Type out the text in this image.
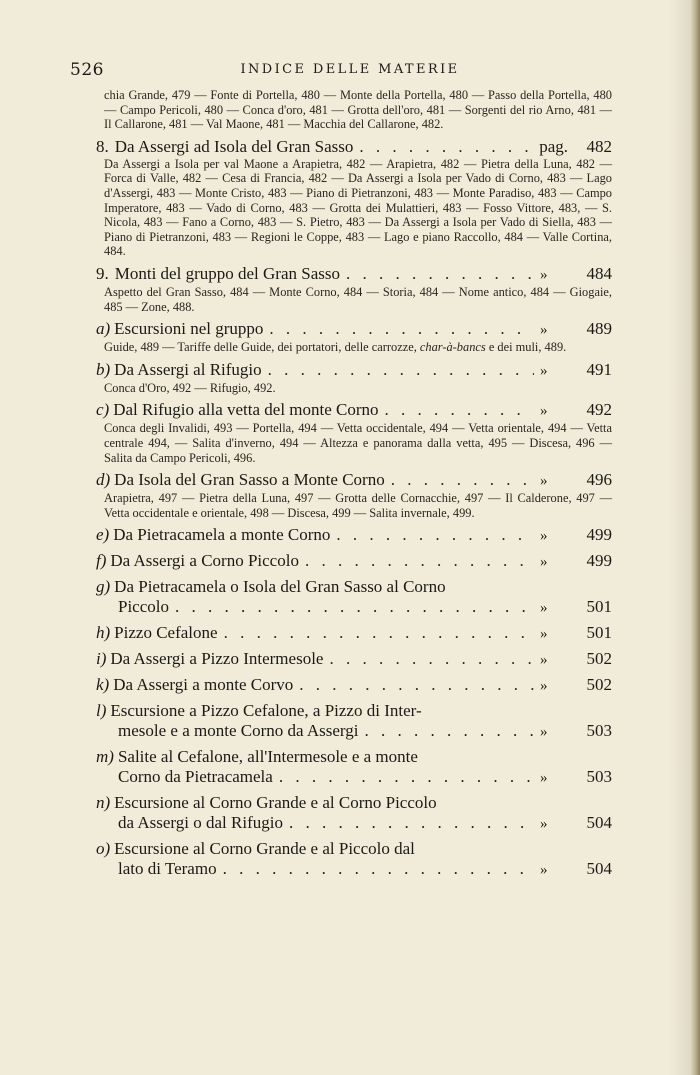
526	INDICE DELLE MATERIE

chia Grande, 479 — Fonte di Portella, 480 — Monte della Portella, 480 — Passo della Portella, 480 — Campo Pericoli, 480 — Conca d'oro, 481 — Grotta dell'oro, 481 — Sorgenti del rio Arno, 481 — Il Callarone, 481 — Val Maone, 481 — Macchia del Callarone, 482.

8. Da Assergi ad Isola del Gran Sasso . . .	pag.	482

Da Assergi a Isola per val Maone a Arapietra, 482 — Arapietra, 482 — Pietra della Luna, 482 — Forca di Valle, 482 — Cesa di Francia, 482 — Da Assergi a Isola per Vado di Corno, 483 — Lago d'Assergi, 483 — Monte Cristo, 483 — Piano di Pietranzoni, 483 — Monte Paradiso, 483 — Campo Imperatore, 483 — Vado di Corno, 483 — Grotta dei Mulattieri, 483 — Fosso Vittore, 483, — S. Nicola, 483 — Fano a Corno, 483 — S. Pietro, 483 — Da Assergi a Isola per Vado di Siella, 483 — Piano di Pietranzoni, 483 — Regioni le Coppe, 483 — Lago e piano Raccollo, 484 — Valle Cortina, 484.

9. Monti del gruppo del Gran Sasso . . .	»	484

Aspetto del Gran Sasso, 484 — Monte Corno, 484 — Storia, 484 — Nome antico, 484 — Giogaie, 485 — Zone, 488.

a) Escursioni nel gruppo . . .	»	489

Guide, 489 — Tariffe delle Guide, dei portatori, delle carrozze, char-à-bancs e dei muli, 489.

b) Da Assergi al Rifugio . . .	»	491

Conca d'Oro, 492 — Rifugio, 492.

c) Dal Rifugio alla vetta del monte Corno . . .	»	492

Conca degli Invalidi, 493 — Portella, 494 — Vetta occidentale, 494 — Vetta orientale, 494 — Vetta centrale 494, — Salita d'inverno, 494 — Altezza e panorama dalla vetta, 495 — Discesa, 496 — Salita da Campo Pericoli, 496.

d) Da Isola del Gran Sasso a Monte Corno . . .	»	496

Arapietra, 497 — Pietra della Luna, 497 — Grotta delle Cornacchie, 497 — Il Calderone, 497 — Vetta occidentale e orientale, 498 — Discesa, 499 — Salita invernale, 499.

e) Da Pietracamela a monte Corno . . .	»	499
f) Da Assergi a Corno Piccolo . . .	»	499
g) Da Pietracamela o Isola del Gran Sasso al Corno
Piccolo . . .	»	501
h) Pizzo Cefalone . . .	»	501
i) Da Assergi a Pizzo Intermesole . . .	»	502
k) Da Assergi a monte Corvo . . .	»	502
l) Escursione a Pizzo Cefalone, a Pizzo di Inter-
mesole e a monte Corno da Assergi . . .	»	503
m) Salite al Cefalone, all'Intermesole e a monte
Corno da Pietracamela . . .	»	503
n) Escursione al Corno Grande e al Corno Piccolo
da Assergi o dal Rifugio . . .	»	504
o) Escursione al Corno Grande e al Piccolo dal
lato di Teramo . . .	»	504
